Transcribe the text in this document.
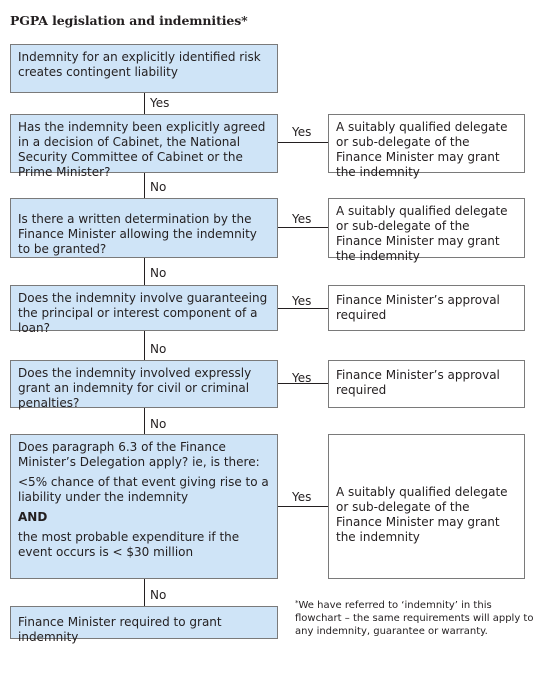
PGPA legislation and indemnities*
Yes
No
No
No
No
No
Yes
Yes
Yes
Yes
Yes
Indemnity for an explicitly identified risk creates contingent liability
Has the indemnity been explicitly agreed in a decision of Cabinet, the National Security Committee of Cabinet or the Prime Minister?
Is there a written determination by the Finance Minister allowing the indemnity to be granted?
Does the indemnity involve guaranteeing the principal or interest component of a loan?
Does the indemnity involved expressly grant an indemnity for civil or criminal penalties?

Does paragraph 6.3 of the Finance Minister’s Delegation apply? ie, is there:

<5% chance of that event giving rise to a liability under the indemnity

AND

the most probable expenditure if the event occurs is < $30 million

Finance Minister required to grant indemnity
A suitably qualified delegate or sub-delegate of the Finance Minister may grant the indemnity
A suitably qualified delegate or sub-delegate of the Finance Minister may grant the indemnity
Finance Minister’s approval required
Finance Minister’s approval required
A suitably qualified delegate or sub-delegate of the Finance Minister may grant the indemnity
*We have referred to ‘indemnity’ in this flowchart – the same requirements will apply to any indemnity, guarantee or warranty.
